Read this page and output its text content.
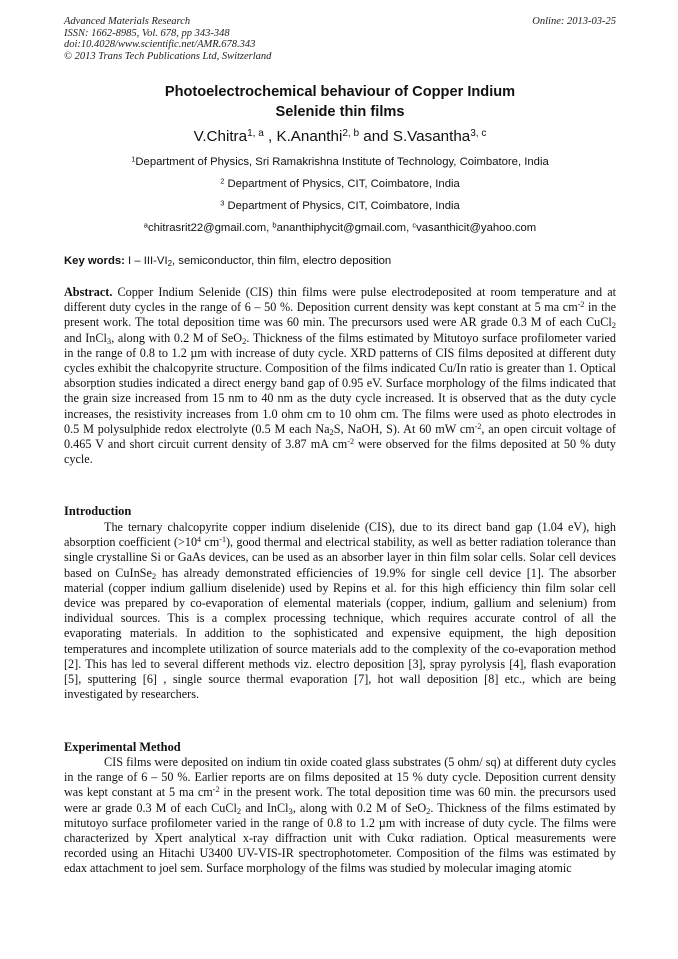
Advanced Materials Research
ISSN: 1662-8985, Vol. 678, pp 343-348
doi:10.4028/www.scientific.net/AMR.678.343
© 2013 Trans Tech Publications Ltd, Switzerland
Online: 2013-03-25
Photoelectrochemical behaviour of Copper Indium
Selenide thin films
V.Chitra$^{1, a}$ , K.Ananthi$^{2, b}$ and S.Vasantha$^{3, c}$
$^1$Department of Physics, Sri Ramakrishna Institute of Technology, Coimbatore, India
$^2$ Department of Physics, CIT, Coimbatore, India
$^3$ Department of Physics, CIT, Coimbatore, India
$^a$chitrasrit22@gmail.com, $^b$ananthiphycit@gmail.com, $^c$vasanthicit@yahoo.com
Key words: I – III-$VI_2$, semiconductor, thin film, electro deposition
Abstract. Copper Indium Selenide (CIS) thin films were pulse electrodeposited at room temperature and at different duty cycles in the range of 6 – 50 %. Deposition current density was kept constant at 5 ma $cm^{-2}$ in the present work. The total deposition time was 60 min. The precursors used were AR grade 0.3 M of each CuCl$_2$ and InCl$_3$, along with 0.2 M of SeO$_2$. Thickness of the films estimated by Mitutoyo surface profilometer varied in the range of 0.8 to 1.2 µm with increase of duty cycle. XRD patterns of CIS films deposited at different duty cycles exhibit the chalcopyrite structure. Composition of the films indicated Cu/In ratio is greater than 1. Optical absorption studies indicated a direct energy band gap of 0.95 eV. Surface morphology of the films indicated that the grain size increased from 15 nm to 40 nm as the duty cycle increased. It is observed that as the duty cycle increases, the resistivity increases from 1.0 ohm cm to 10 ohm cm. The films were used as photo electrodes in 0.5 M polysulphide redox electrolyte (0.5 M each $Na_2S$, NaOH, S). At 60 mW $cm^{-2}$, an open circuit voltage of 0.465 V and short circuit current density of 3.87 mA $cm^{-2}$ were observed for the films deposited at 50 % duty cycle.
Introduction
The ternary chalcopyrite copper indium diselenide (CIS), due to its direct band gap (1.04 eV), high absorption coefficient ($>10^4$ $cm^{-1}$), good thermal and electrical stability, as well as better radiation tolerance than single crystalline Si or GaAs devices, can be used as an absorber layer in thin film solar cells. Solar cell devices based on CuInSe$_2$ has already demonstrated efficiencies of 19.9% for single cell device [1]. The absorber material (copper indium gallium diselenide) used by Repins et al. for this high efficiency thin film solar cell device was prepared by co-evaporation of elemental materials (copper, indium, gallium and selenium) from individual sources. This is a complex processing technique, which requires accurate control of all the evaporating materials. In addition to the sophisticated and expensive equipment, the high deposition temperatures and incomplete utilization of source materials add to the complexity of the co-evaporation method [2]. This has led to several different methods viz. electro deposition [3], spray pyrolysis [4], flash evaporation [5], sputtering [6] , single source thermal evaporation [7], hot wall deposition [8] etc., which are being investigated by researchers.
Experimental Method
CIS films were deposited on indium tin oxide coated glass substrates (5 ohm/ sq) at different duty cycles in the range of 6 – 50 %. Earlier reports are on films deposited at 15 % duty cycle. Deposition current density was kept constant at 5 ma $cm^{-2}$ in the present work. The total deposition time was 60 min. the precursors used were ar grade 0.3 M of each CuCl$_2$ and InCl$_3$, along with 0.2 M of SeO$_2$. Thickness of the films estimated by mitutoyo surface profilometer varied in the range of 0.8 to 1.2 µm with increase of duty cycle. The films were characterized by Xpert analytical x-ray diffraction unit with Cukα radiation. Optical measurements were recorded using an Hitachi U3400 UV-VIS-IR spectrophotometer. Composition of the films was estimated by edax attachment to joel sem. Surface morphology of the films was studied by molecular imaging atomic
